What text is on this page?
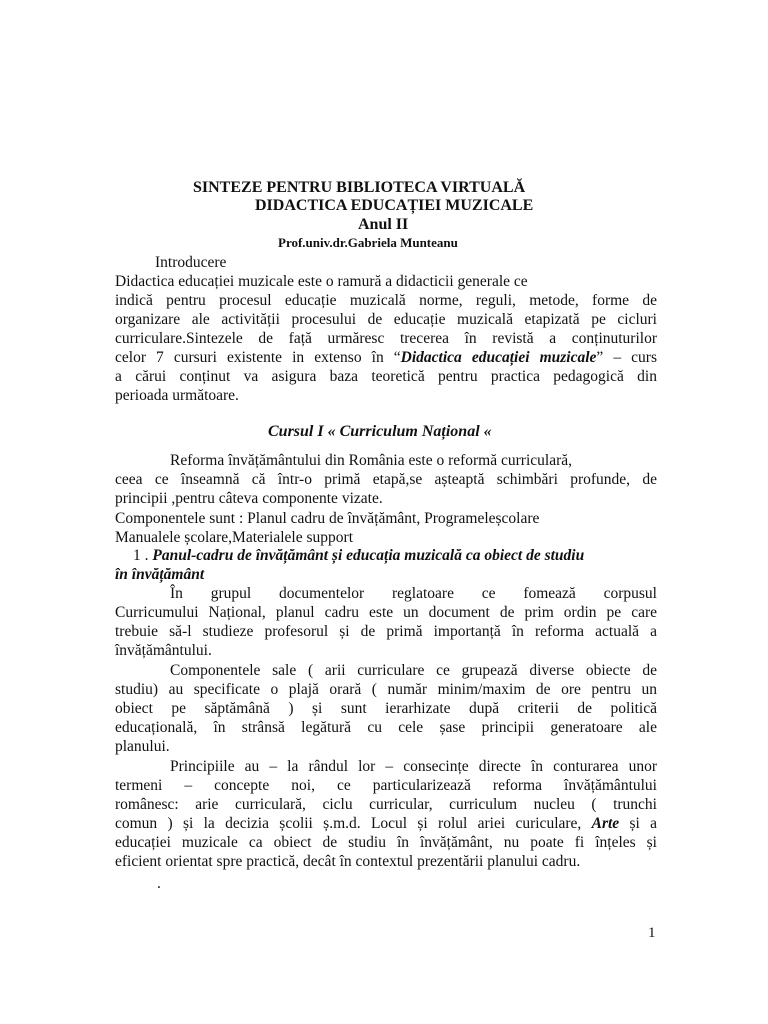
SINTEZE PENTRU BIBLIOTECA VIRTUALĂ
DIDACTICA EDUCAȚIEI MUZICALE
Anul II
Prof.univ.dr.Gabriela Munteanu
Introducere
Didactica educației muzicale este o ramură a didacticii generale ce
indică pentru procesul educație muzicală norme, reguli, metode, forme de
organizare ale activității procesului de educație muzicală etapizată pe cicluri
curriculare.Sintezele de față urmăresc trecerea în revistă a conținuturilor
celor 7 cursuri existente in extenso în “Didactica educației muzicale” – curs
a cărui conținut va asigura baza teoretică pentru practica pedagogică din
perioada următoare.
Cursul I « Curriculum Național «
Reforma învățământului din România este o reformă curriculară,
ceea ce înseamnă că într-o primă etapă,se așteaptă schimbări profunde, de
principii ,pentru câteva componente vizate.
Componentele sunt : Planul cadru de învățământ, Programeleșcolare
Manualele școlare,Materialele support
1 . Panul-cadru de învățământ și educația muzicală ca obiect de studiu
în învățământ
În grupul documentelor reglatoare ce fomează corpusul
Curricumului Național, planul cadru este un document de prim ordin pe care
trebuie să-l studieze profesorul și de primă importanță în reforma actuală a
învățământului.
Componentele sale ( arii curriculare ce grupează diverse obiecte de
studiu) au specificate o plajă orară ( număr minim/maxim de ore pentru un
obiect pe săptămână ) și sunt ierarhizate după criterii de politică
educațională, în strânsă legătură cu cele șase principii generatoare ale
planului.
Principiile au – la rândul lor – consecințe directe în conturarea unor
termeni – concepte noi, ce particularizează reforma învățământului
românesc: arie curriculară, ciclu curricular, curriculum nucleu ( trunchi
comun ) și la decizia școlii ș.m.d. Locul și rolul ariei curiculare, Arte și a
educației muzicale ca obiect de studiu în învățământ, nu poate fi înțeles și
eficient orientat spre practică, decât în contextul prezentării planului cadru.
.
1
